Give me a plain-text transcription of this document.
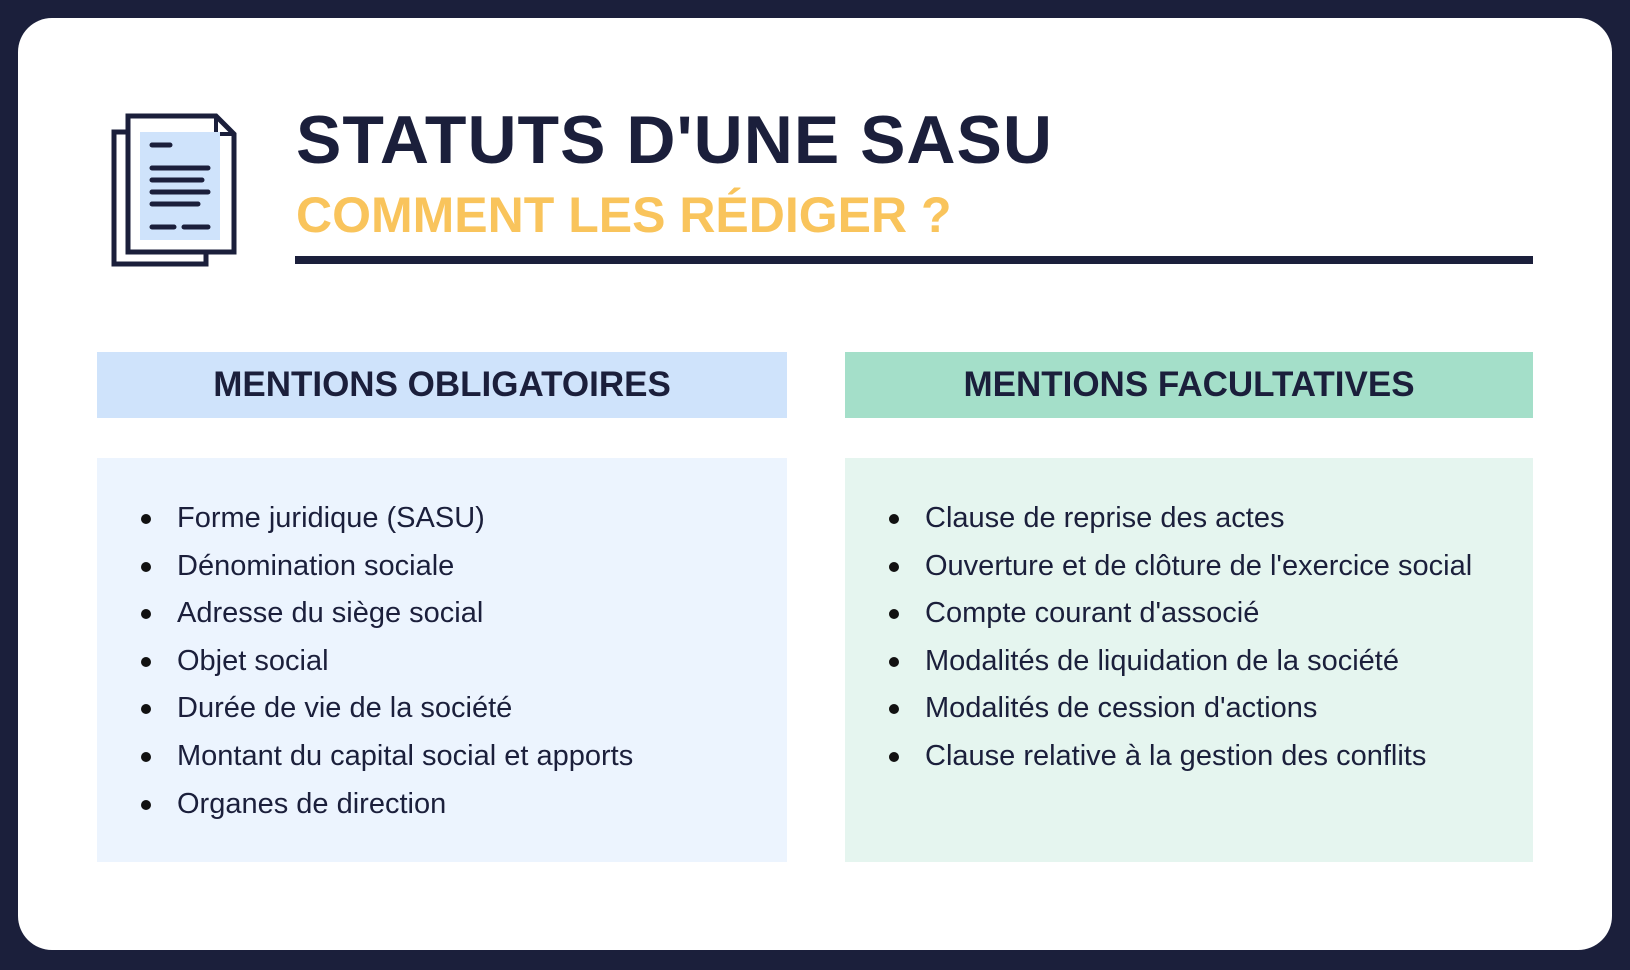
STATUTS D'UNE SASU
COMMENT LES RÉDIGER ?
MENTIONS OBLIGATOIRES
Forme juridique (SASU)
Dénomination sociale
Adresse du siège social
Objet social
Durée de vie de la société
Montant du capital social et apports
Organes de direction
MENTIONS FACULTATIVES
Clause de reprise des actes
Ouverture et de clôture de l'exercice social
Compte courant d'associé
Modalités de liquidation de la société
Modalités de cession d'actions
Clause relative à la gestion des conflits
